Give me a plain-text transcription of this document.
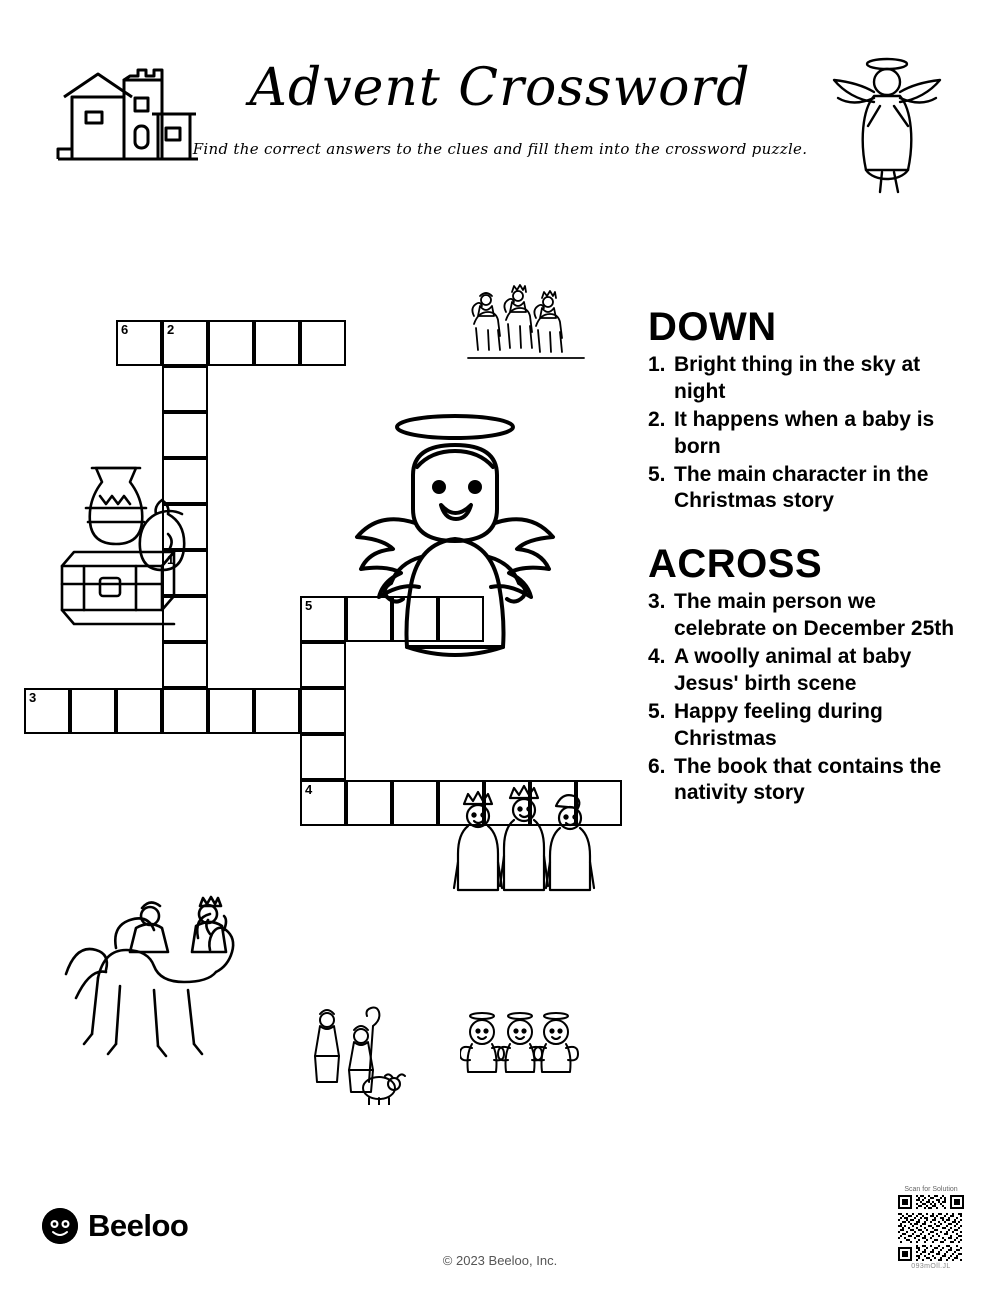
Advent Crossword
Find the correct answers to the clues and fill them into the crossword puzzle.
6	2
1
5
3
4
DOWN
1. Bright thing in the sky at night
2. It happens when a baby is born
5. The main character in the Christmas story
ACROSS
3. The main person we celebrate on December 25th
4. A woolly animal at baby Jesus' birth scene
5. Happy feeling during Christmas
6. The book that contains the nativity story
Beeloo
© 2023 Beeloo, Inc.
Scan for Solution
093mOll.JL
